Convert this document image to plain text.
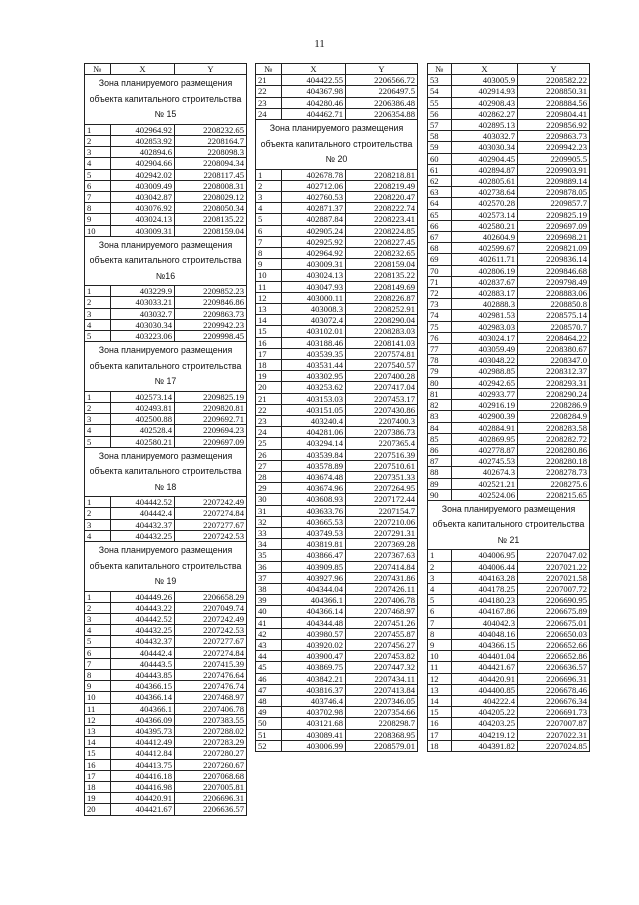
11
№	X	Y
Зона планируемого размещения объекта капитального строительства № 15		
1	402964.92	2208232.65
2	402853.92	2208164.7
3	402894.6	2208098.3
4	402904.66	2208094.34
5	402942.02	2208117.45
6	403009.49	2208008.31
7	403042.87	2208029.12
8	403076.92	2208050.34
9	403024.13	2208135.22
10	403009.31	2208159.04
Зона планируемого размещения объекта капитального строительства №16		
1	403229.9	2209852.23
2	403033.21	2209846.86
3	403032.7	2209863.73
4	403030.34	2209942.23
5	403223.06	2209998.45
Зона планируемого размещения объекта капитального строительства № 17		
1	402573.14	2209825.19
2	402493.81	2209820.81
3	402500.88	2209692.71
4	402528.4	2209694.23
5	402580.21	2209697.09
Зона планируемого размещения объекта капитального строительства № 18		
1	404442.52	2207242.49
2	404442.4	2207274.84
3	404432.37	2207277.67
4	404432.25	2207242.53
Зона планируемого размещения объекта капитального строительства № 19		
1	404449.26	2206658.29
2	404443.22	2207049.74
3	404442.52	2207242.49
4	404432.25	2207242.53
5	404432.37	2207277.67
6	404442.4	2207274.84
7	404443.5	2207415.39
8	404443.85	2207476.64
9	404366.15	2207476.74
10	404366.14	2207468.97
11	404366.1	2207406.78
12	404366.09	2207383.55
13	404395.73	2207288.02
14	404412.49	2207283.29
15	404412.84	2207280.27
16	404413.75	2207260.67
17	404416.18	2207068.68
18	404416.98	2207005.81
19	404420.91	2206696.31
20	404421.67	2206636.57
№	X	Y
21	404422.55	2206566.72
22	404367.98	2206497.5
23	404280.46	2206386.48
24	404462.71	2206354.88
Зона планируемого размещения объекта капитального строительства № 20		
1	402678.78	2208218.81
2	402712.06	2208219.49
3	402760.53	2208220.47
4	402871.37	2208222.74
5	402887.84	2208223.41
6	402905.24	2208224.85
7	402925.92	2208227.45
8	402964.92	2208232.65
9	403009.31	2208159.04
10	403024.13	2208135.22
11	403047.93	2208149.69
12	403000.11	2208226.87
13	403008.3	2208252.91
14	403072.4	2208290.04
15	403102.01	2208283.03
16	403188.46	2208141.03
17	403539.35	2207574.81
18	403531.44	2207540.57
19	403302.95	2207400.28
20	403253.62	2207417.04
21	403153.03	2207453.17
22	403151.05	2207430.86
23	403240.4	2207400.3
24	404281.06	2207386.73
25	403294.14	2207365.4
26	403539.84	2207516.39
27	403578.89	2207510.61
28	403674.48	2207351.33
29	403674.96	2207264.95
30	403608.93	2207172.44
31	403633.76	2207154.7
32	403665.53	2207210.06
33	403749.53	2207291.31
34	403819.81	2207369.28
35	403866.47	2207367.63
36	403909.85	2207414.84
37	403927.96	2207431.86
38	404344.04	2207426.11
39	404366.1	2207406.78
40	404366.14	2207468.97
41	404344.48	2207451.26
42	403980.57	2207455.87
43	403920.02	2207456.27
44	403900.47	2207453.82
45	403869.75	2207447.32
46	403842.21	2207434.11
47	403816.37	2207413.84
48	403746.4	2207346.05
49	403702.98	2207354.66
50	403121.68	2208298.7
51	403089.41	2208368.95
52	403006.99	2208579.01
№	X	Y
53	403005.9	2208582.22
54	402914.93	2208850.31
55	402908.43	2208884.56
56	402862.27	2209804.41
57	402895.13	2209856.92
58	403032.7	2209863.73
59	403030.34	2209942.23
60	402904.45	2209905.5
61	402894.87	2209903.91
62	402805.61	2209889.14
63	402738.64	2209878.05
64	402570.28	2209857.7
65	402573.14	2209825.19
66	402580.21	2209697.09
67	402604.9	2209698.21
68	402599.67	2209821.09
69	402611.71	2209836.14
70	402806.19	2209846.68
71	402837.67	2209798.49
72	402883.17	2208883.06
73	402888.3	2208850.8
74	402981.53	2208575.14
75	402983.03	2208570.7
76	403024.17	2208464.22
77	403059.49	2208380.67
78	403048.22	2208347.0
79	402988.85	2208312.37
80	402942.65	2208293.31
81	402933.77	2208290.24
82	402916.19	2208286.9
83	402900.39	2208284.9
84	402884.91	2208283.58
85	402869.95	2208282.72
86	402778.87	2208280.86
87	402745.53	2208280.18
88	402674.3	2208278.73
89	402521.21	2208275.6
90	402524.06	2208215.65
Зона планируемого размещения объекта капитального строительства № 21		
1	404006.95	2207047.02
2	404006.44	2207021.22
3	404163.28	2207021.58
4	404178.25	2207007.72
5	404180.23	2206690.95
6	404167.86	2206675.89
7	404042.3	2206675.01
8	404048.16	2206650.03
9	404366.15	2206652.66
10	404401.04	2206652.86
11	404421.67	2206636.57
12	404420.91	2206696.31
13	404400.85	2206678.46
14	404222.4	2206676.34
15	404205.22	2206691.73
16	404203.25	2207007.87
17	404219.12	2207022.31
18	404391.82	2207024.85
